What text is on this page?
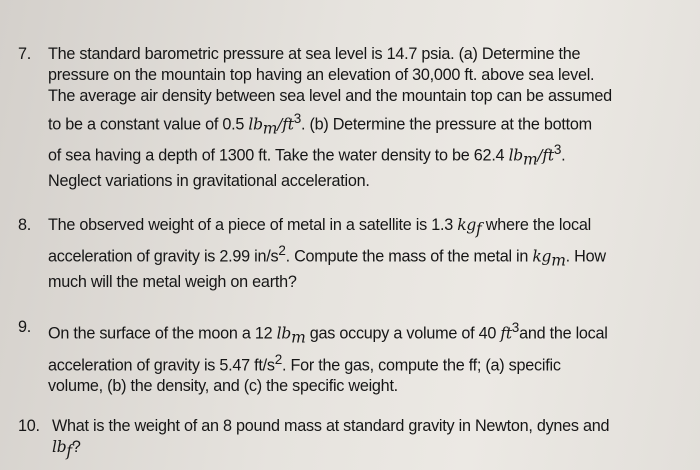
7. The standard barometric pressure at sea level is 14.7 psia. (a) Determine the
pressure on the mountain top having an elevation of 30,000 ft. above sea level.
The average air density between sea level and the mountain top can be assumed
to be a constant value of 0.5 $lb_m/ft^3$. (b) Determine the pressure at the bottom
of sea having a depth of 1300 ft. Take the water density to be 62.4 $lb_m/ft^3$.
Neglect variations in gravitational acceleration.
8. The observed weight of a piece of metal in a satellite is 1.3 $kg_f$ where the local
acceleration of gravity is 2.99 $in/s^2$. Compute the mass of the metal in $kg_m$. How
much will the metal weigh on earth?
9. On the surface of the moon a 12 $lb_m$ gas occupy a volume of 40 $ft^3and$ the local
acceleration of gravity is 5.47 $ft/s^2$. For the gas, compute the ff; (a) specific
volume, (b) the density, and (c) the specific weight.
10. What is the weight of an 8 pound mass at standard gravity in Newton, dynes and
$lb_f$?
